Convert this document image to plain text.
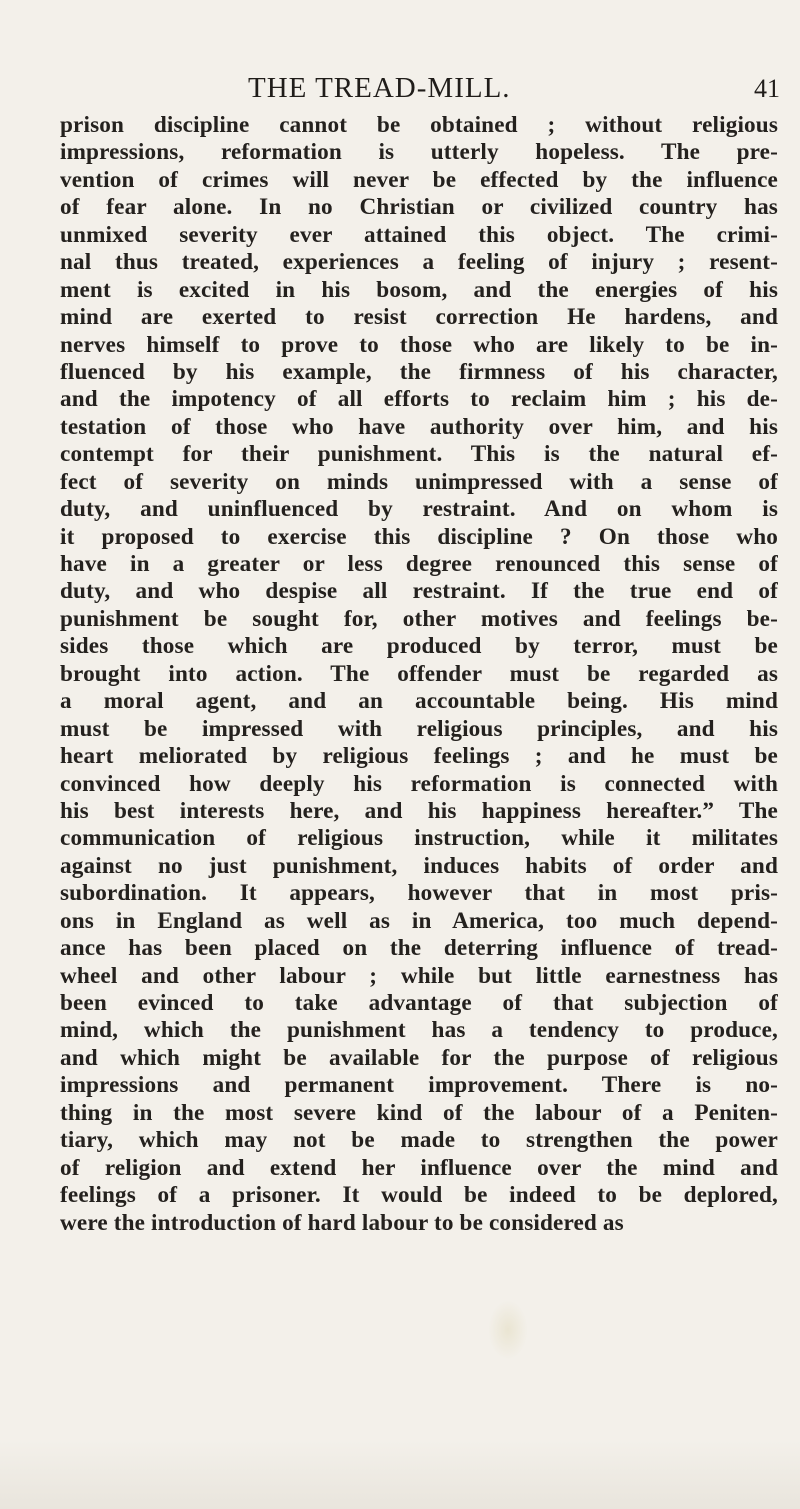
THE TREAD-MILL.	41
prison discipline cannot be obtained ; without religious
impressions, reformation is utterly hopeless. The pre-
vention of crimes will never be effected by the influence
of fear alone. In no Christian or civilized country has
unmixed severity ever attained this object. The crimi-
nal thus treated, experiences a feeling of injury ; resent-
ment is excited in his bosom, and the energies of his
mind are exerted to resist correction He hardens, and
nerves himself to prove to those who are likely to be in-
fluenced by his example, the firmness of his character,
and the impotency of all efforts to reclaim him ; his de-
testation of those who have authority over him, and his
contempt for their punishment. This is the natural ef-
fect of severity on minds unimpressed with a sense of
duty, and uninfluenced by restraint. And on whom is
it proposed to exercise this discipline ? On those who
have in a greater or less degree renounced this sense of
duty, and who despise all restraint. If the true end of
punishment be sought for, other motives and feelings be-
sides those which are produced by terror, must be
brought into action. The offender must be regarded as
a moral agent, and an accountable being. His mind
must be impressed with religious principles, and his
heart meliorated by religious feelings ; and he must be
convinced how deeply his reformation is connected with
his best interests here, and his happiness hereafter.” The
communication of religious instruction, while it militates
against no just punishment, induces habits of order and
subordination. It appears, however that in most pris-
ons in England as well as in America, too much depend-
ance has been placed on the deterring influence of tread-
wheel and other labour ; while but little earnestness has
been evinced to take advantage of that subjection of
mind, which the punishment has a tendency to produce,
and which might be available for the purpose of religious
impressions and permanent improvement. There is no-
thing in the most severe kind of the labour of a Peniten-
tiary, which may not be made to strengthen the power
of religion and extend her influence over the mind and
feelings of a prisoner. It would be indeed to be deplored,
were the introduction of hard labour to be considered as
